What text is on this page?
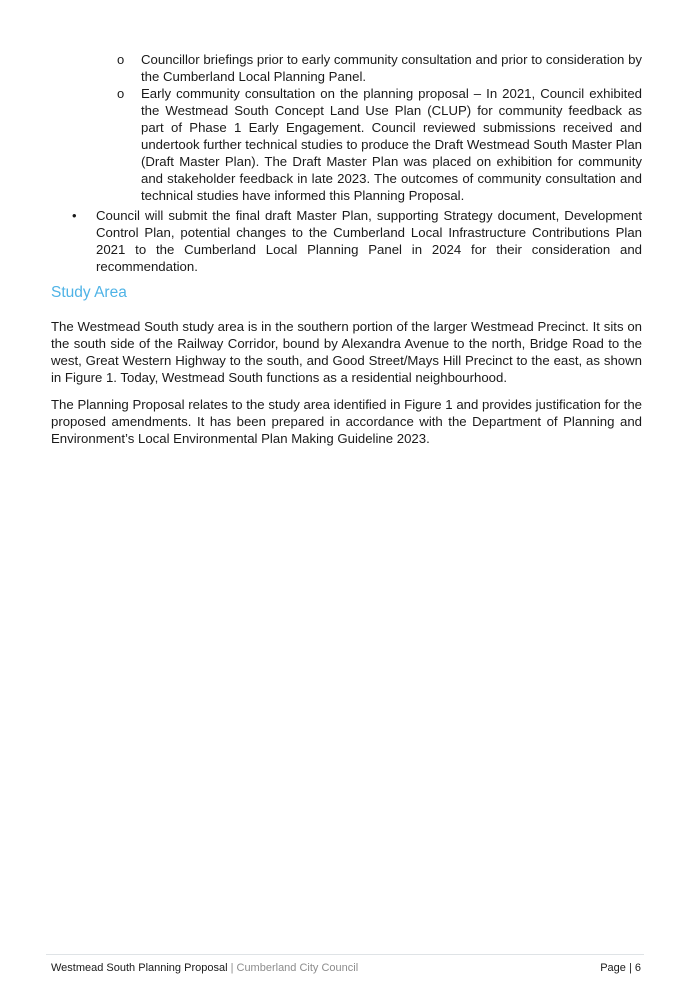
o Councillor briefings prior to early community consultation and prior to consideration by the Cumberland Local Planning Panel.
o Early community consultation on the planning proposal – In 2021, Council exhibited the Westmead South Concept Land Use Plan (CLUP) for community feedback as part of Phase 1 Early Engagement. Council reviewed submissions received and undertook further technical studies to produce the Draft Westmead South Master Plan (Draft Master Plan). The Draft Master Plan was placed on exhibition for community and stakeholder feedback in late 2023. The outcomes of community consultation and technical studies have informed this Planning Proposal.
• Council will submit the final draft Master Plan, supporting Strategy document, Development Control Plan, potential changes to the Cumberland Local Infrastructure Contributions Plan 2021 to the Cumberland Local Planning Panel in 2024 for their consideration and recommendation.
Study Area

The Westmead South study area is in the southern portion of the larger Westmead Precinct. It sits on the south side of the Railway Corridor, bound by Alexandra Avenue to the north, Bridge Road to the west, Great Western Highway to the south, and Good Street/Mays Hill Precinct to the east, as shown in Figure 1. Today, Westmead South functions as a residential neighbourhood.

The Planning Proposal relates to the study area identified in Figure 1 and provides justification for the proposed amendments. It has been prepared in accordance with the Department of Planning and Environment’s Local Environmental Plan Making Guideline 2023.

Westmead South Planning Proposal | Cumberland City Council	Page | 6
